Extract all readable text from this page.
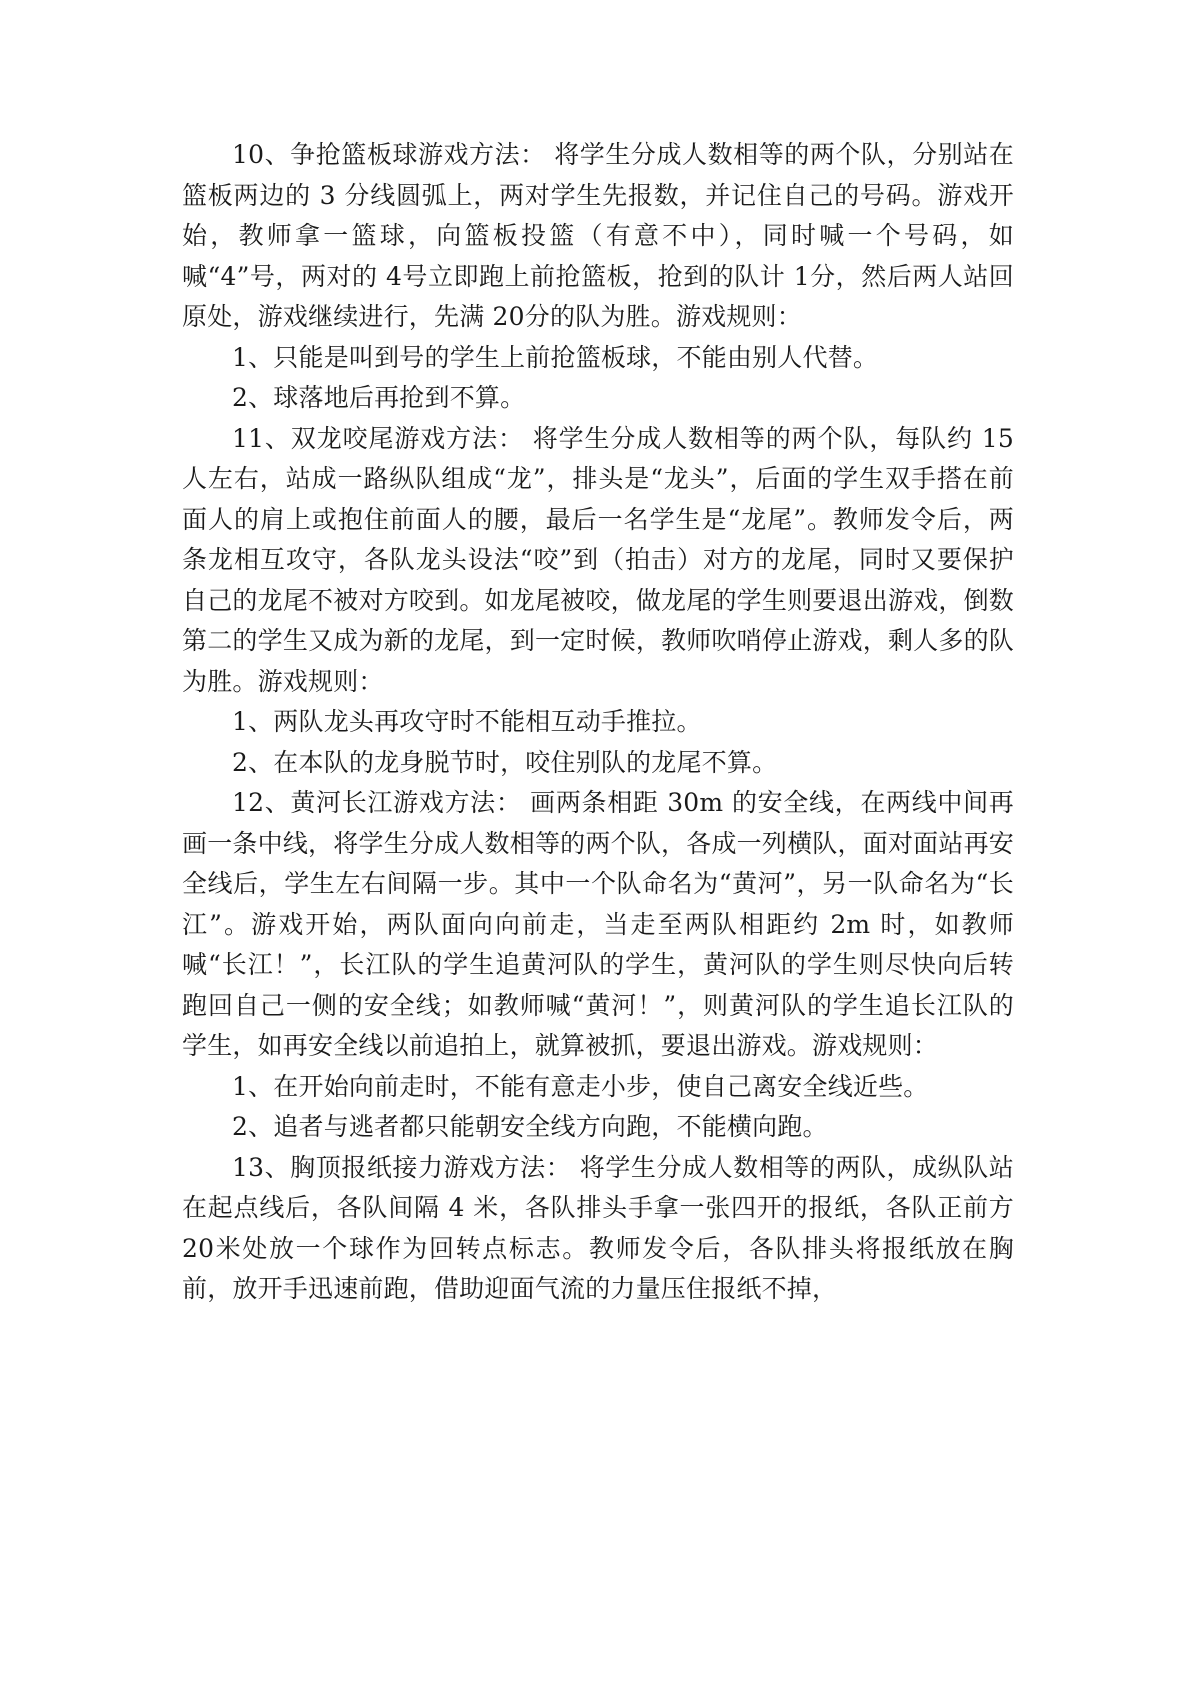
10、争抢篮板球游戏方法： 将学生分成人数相等的两个队，分别站在篮板两边的 3 分线圆弧上，两对学生先报数，并记住自己的号码。游戏开始，教师拿一篮球，向篮板投篮（有意不中），同时喊一个号码，如喊“4”号，两对的 4号立即跑上前抢篮板，抢到的队计 1分，然后两人站回原处，游戏继续进行，先满 20分的队为胜。游戏规则：

1、只能是叫到号的学生上前抢篮板球，不能由别人代替。

2、球落地后再抢到不算。

11、双龙咬尾游戏方法： 将学生分成人数相等的两个队，每队约 15 人左右，站成一路纵队组成“龙”，排头是“龙头”，后面的学生双手搭在前面人的肩上或抱住前面人的腰，最后一名学生是“龙尾”。教师发令后，两条龙相互攻守，各队龙头设法“咬”到（拍击）对方的龙尾，同时又要保护自己的龙尾不被对方咬到。如龙尾被咬，做龙尾的学生则要退出游戏，倒数第二的学生又成为新的龙尾，到一定时候，教师吹哨停止游戏，剩人多的队为胜。游戏规则：

1、两队龙头再攻守时不能相互动手推拉。

2、在本队的龙身脱节时，咬住别队的龙尾不算。

12、黄河长江游戏方法： 画两条相距 30m 的安全线，在两线中间再画一条中线，将学生分成人数相等的两个队，各成一列横队，面对面站再安全线后，学生左右间隔一步。其中一个队命名为“黄河”，另一队命名为“长江”。游戏开始，两队面向向前走，当走至两队相距约 2m 时，如教师喊“长江！”，长江队的学生追黄河队的学生，黄河队的学生则尽快向后转跑回自己一侧的安全线；如教师喊“黄河！”，则黄河队的学生追长江队的学生，如再安全线以前追拍上，就算被抓，要退出游戏。游戏规则：

1、在开始向前走时，不能有意走小步，使自己离安全线近些。

2、追者与逃者都只能朝安全线方向跑，不能横向跑。

13、胸顶报纸接力游戏方法： 将学生分成人数相等的两队，成纵队站在起点线后，各队间隔 4 米，各队排头手拿一张四开的报纸，各队正前方 20米处放一个球作为回转点标志。教师发令后，各队排头将报纸放在胸前，放开手迅速前跑，借助迎面气流的力量压住报纸不掉，
